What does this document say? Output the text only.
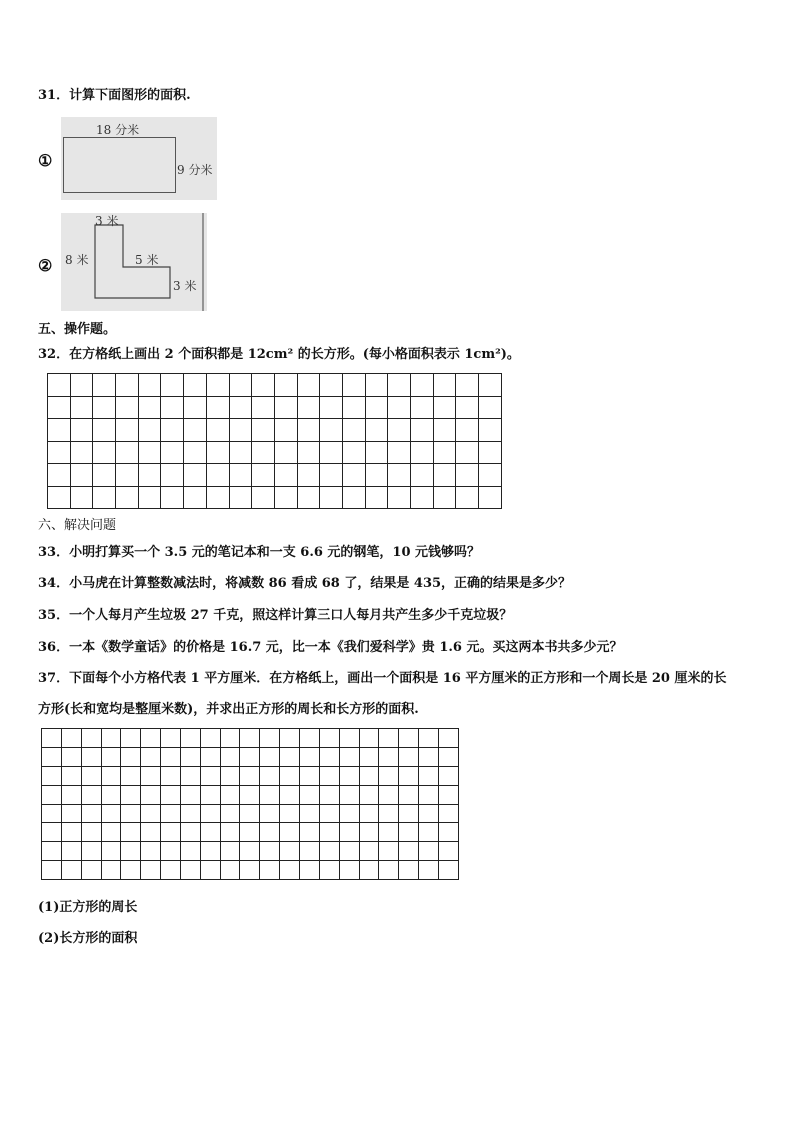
31．计算下面图形的面积.
①
18 分米
9 分米
②
3 米
8 米	5 米
3 米
五、操作题。
32．在方格纸上画出 2 个面积都是 12cm² 的长方形。(每小格面积表示 1cm²)。

六、解决问题
33．小明打算买一个 3.5 元的笔记本和一支 6.6 元的钢笔，10 元钱够吗？
34．小马虎在计算整数减法时，将减数 86 看成 68 了，结果是 435，正确的结果是多少？
35．一个人每月产生垃圾 27 千克，照这样计算三口人每月共产生多少千克垃圾？
36．一本《数学童话》的价格是 16.7 元，比一本《我们爱科学》贵 1.6 元。买这两本书共多少元？
37．下面每个小方格代表 1 平方厘米．在方格纸上，画出一个面积是 16 平方厘米的正方形和一个周长是 20 厘米的长
方形(长和宽均是整厘米数)，并求出正方形的周长和长方形的面积.

(1)正方形的周长
(2)长方形的面积
